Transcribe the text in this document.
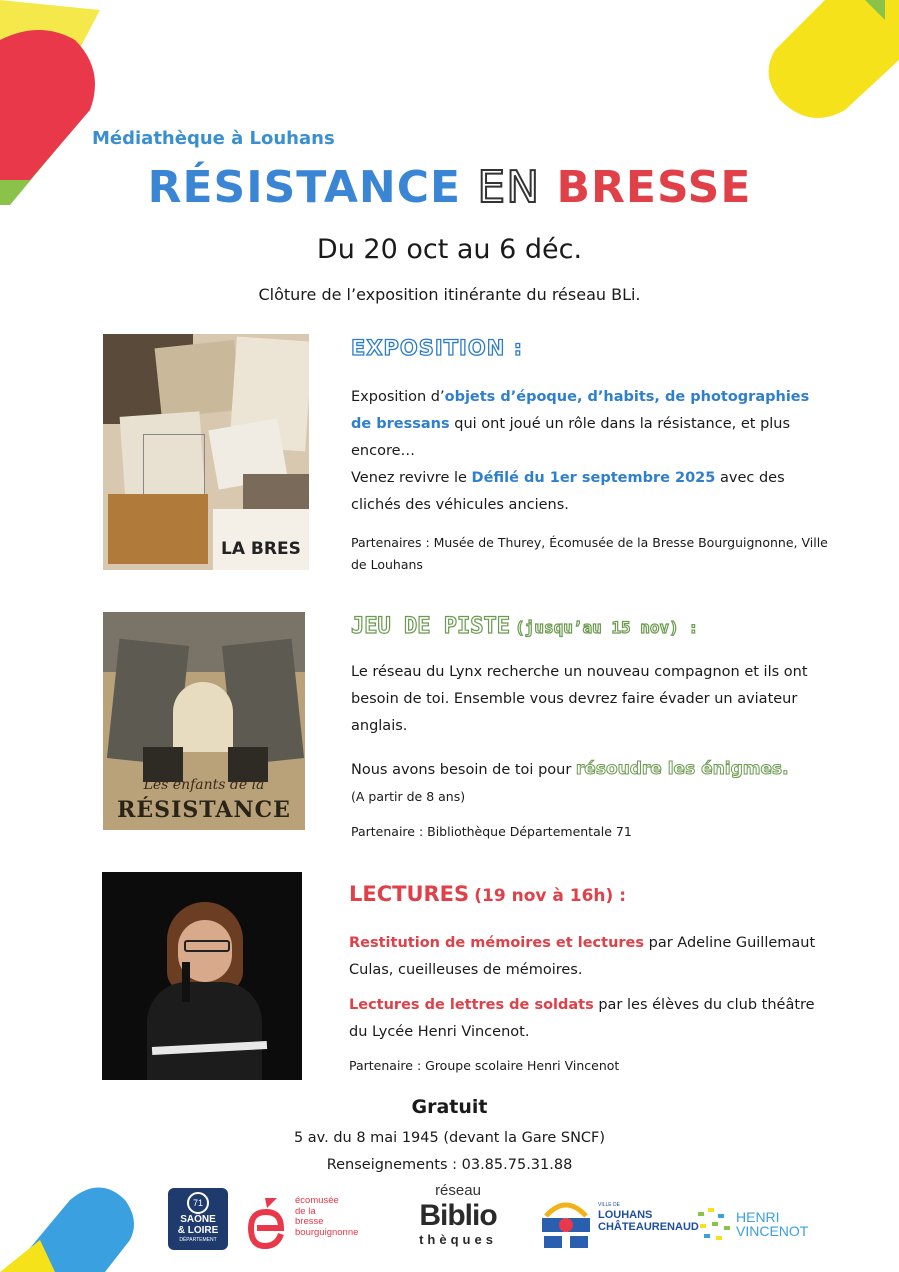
Médiathèque à Louhans
RÉSISTANCE EN BRESSE
Du 20 oct au 6 déc.
Clôture de l’exposition itinérante du réseau BLi.
LA BRES
EXPOSITION :
Exposition d’objets d’époque, d’habits, de photographies de bressans qui ont joué un rôle dans la résistance, et plus encore…
Venez revivre le Défilé du 1er septembre 2025 avec des clichés des véhicules anciens.
Partenaires : Musée de Thurey, Écomusée de la Bresse Bourguignonne, Ville de Louhans
Les enfants de la
RÉSISTANCE
JEU DE PISTE (jusqu’au 15 nov) :
Le réseau du Lynx recherche un nouveau compagnon et ils ont besoin de toi. Ensemble vous devrez faire évader un aviateur anglais.
Nous avons besoin de toi pour résoudre les énigmes.
(A partir de 8 ans)
Partenaire : Bibliothèque Départementale 71
LECTURES (19 nov à 16h) :
Restitution de mémoires et lectures par Adeline Guillemaut Culas, cueilleuses de mémoires.
Lectures de lettres de soldats par les élèves du club théâtre du Lycée Henri Vincenot.
Partenaire : Groupe scolaire Henri Vincenot
Gratuit
5 av. du 8 mai 1945 (devant la Gare SNCF)
Renseignements : 03.85.75.31.88
71
SAÔNE
& LOIRE
DÉPARTEMENT
écomusée
de la
bresse
bourguignonne
réseau
Biblio
thèques
VILLE DE
LOUHANS
CHÂTEAURENAUD
HENRI
VINCENOT
